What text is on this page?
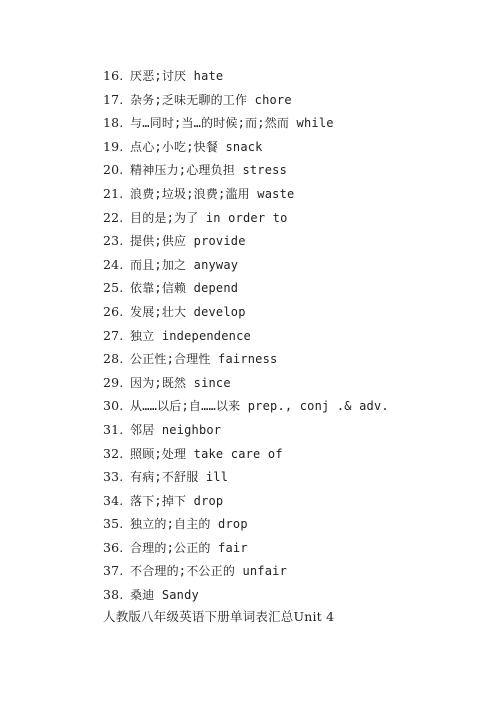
16. 厌恶;讨厌 hate
17. 杂务;乏味无聊的工作 chore
18. 与…同时;当…的时候;而;然而 while
19. 点心;小吃;快餐 snack
20. 精神压力;心理负担 stress
21. 浪费;垃圾;浪费;滥用 waste
22. 目的是;为了 in order to
23. 提供;供应 provide
24. 而且;加之 anyway
25. 依靠;信赖 depend
26. 发展;壮大 develop
27. 独立 independence
28. 公正性;合理性 fairness
29. 因为;既然 since
30. 从……以后;自……以来 prep., conj .& adv.
31. 邻居 neighbor
32. 照顾;处理 take care of
33. 有病;不舒服 ill
34. 落下;掉下 drop
35. 独立的;自主的 drop
36. 合理的;公正的 fair
37. 不合理的;不公正的 unfair
38. 桑迪 Sandy
人教版八年级英语下册单词表汇总Unit 4
